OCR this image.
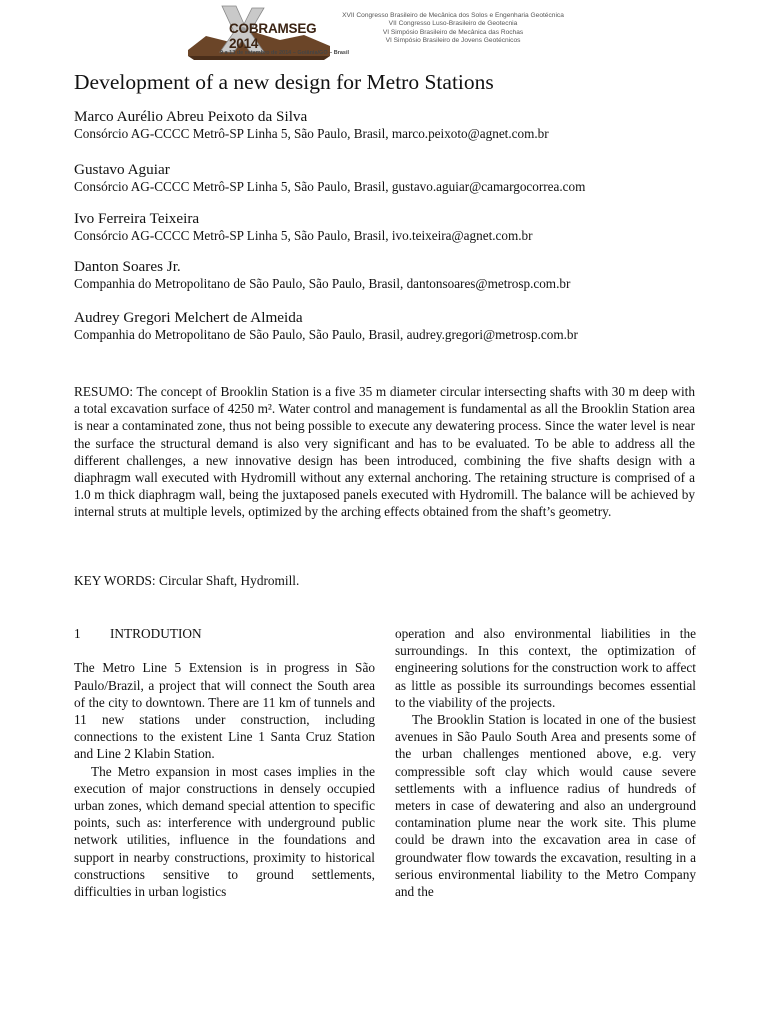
COBRAMSEG 2014
9 a 13 de setembro de 2014 – Goiânia/GO – Brasil
XVII Congresso Brasileiro de Mecânica dos Solos e Engenharia Geotécnica
VII Congresso Luso-Brasileiro de Geotecnia
VI Simpósio Brasileiro de Mecânica das Rochas
VI Simpósio Brasileiro de Jovens Geotécnicos
Development of a new design for Metro Stations
Marco Aurélio Abreu Peixoto da Silva
Consórcio AG-CCCC Metrô-SP Linha 5, São Paulo, Brasil, marco.peixoto@agnet.com.br
Gustavo Aguiar
Consórcio AG-CCCC Metrô-SP Linha 5, São Paulo, Brasil, gustavo.aguiar@camargocorrea.com
Ivo Ferreira Teixeira
Consórcio AG-CCCC Metrô-SP Linha 5, São Paulo, Brasil, ivo.teixeira@agnet.com.br
Danton Soares Jr.
Companhia do Metropolitano de São Paulo, São Paulo, Brasil, dantonsoares@metrosp.com.br
Audrey Gregori Melchert de Almeida
Companhia do Metropolitano de São Paulo, São Paulo, Brasil, audrey.gregori@metrosp.com.br

RESUMO: The concept of Brooklin Station is a five 35 m diameter circular intersecting shafts with 30 m deep with a total excavation surface of 4250 m². Water control and management is fundamental as all the Brooklin Station area is near a contaminated zone, thus not being possible to execute any dewatering process. Since the water level is near the surface the structural demand is also very significant and has to be evaluated. To be able to address all the different challenges, a new innovative design has been introduced, combining the five shafts design with a diaphragm wall executed with Hydromill without any external anchoring. The retaining structure is comprised of a 1.0 m thick diaphragm wall, being the juxtaposed panels executed with Hydromill. The balance will be achieved by internal struts at multiple levels, optimized by the arching effects obtained from the shaft’s geometry.

KEY WORDS: Circular Shaft, Hydromill.

1 INTRODUTION

The Metro Line 5 Extension is in progress in São Paulo/Brazil, a project that will connect the South area of the city to downtown. There are 11 km of tunnels and 11 new stations under construction, including connections to the existent Line 1 Santa Cruz Station and Line 2 Klabin Station.

The Metro expansion in most cases implies in the execution of major constructions in densely occupied urban zones, which demand special attention to specific points, such as: interference with underground public network utilities, influence in the foundations and support in nearby constructions, proximity to historical constructions sensitive to ground settlements, difficulties in urban logistics

operation and also environmental liabilities in the surroundings. In this context, the optimization of engineering solutions for the construction work to affect as little as possible its surroundings becomes essential to the viability of the projects.

The Brooklin Station is located in one of the busiest avenues in São Paulo South Area and presents some of the urban challenges mentioned above, e.g. very compressible soft clay which would cause severe settlements with a influence radius of hundreds of meters in case of dewatering and also an underground contamination plume near the work site. This plume could be drawn into the excavation area in case of groundwater flow towards the excavation, resulting in a serious environmental liability to the Metro Company and the
